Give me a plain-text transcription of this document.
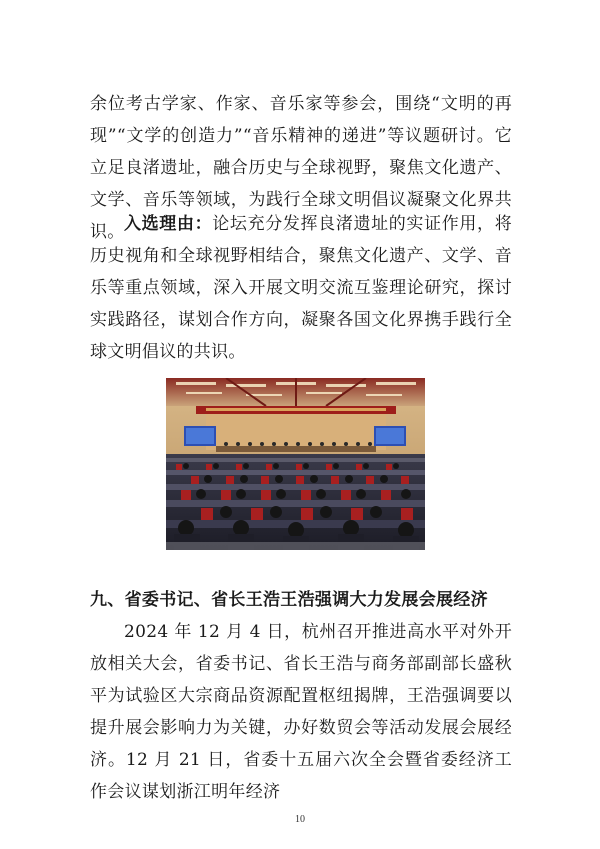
余位考古学家、作家、音乐家等参会，围绕“文明的再现”“文学的创造力”“音乐精神的递进”等议题研讨。它立足良渚遗址，融合历史与全球视野，聚焦文化遗产、文学、音乐等领域，为践行全球文明倡议凝聚文化界共识。 入选理由：论坛充分发挥良渚遗址的实证作用，将历史视角和全球视野相结合，聚焦文化遗产、文学、音乐等重点领域，深入开展文明交流互鉴理论研究，探讨实践路径，谋划合作方向，凝聚各国文化界携手践行全球文明倡议的共识。

九、省委书记、省长王浩王浩强调大力发展会展经济

2024 年 12 月 4 日，杭州召开推进高水平对外开放相关大会，省委书记、省长王浩与商务部副部长盛秋平为试验区大宗商品资源配置枢纽揭牌，王浩强调要以提升展会影响力为关键，办好数贸会等活动发展会展经济。12 月 21 日，省委十五届六次全会暨省委经济工作会议谋划浙江明年经济

10
